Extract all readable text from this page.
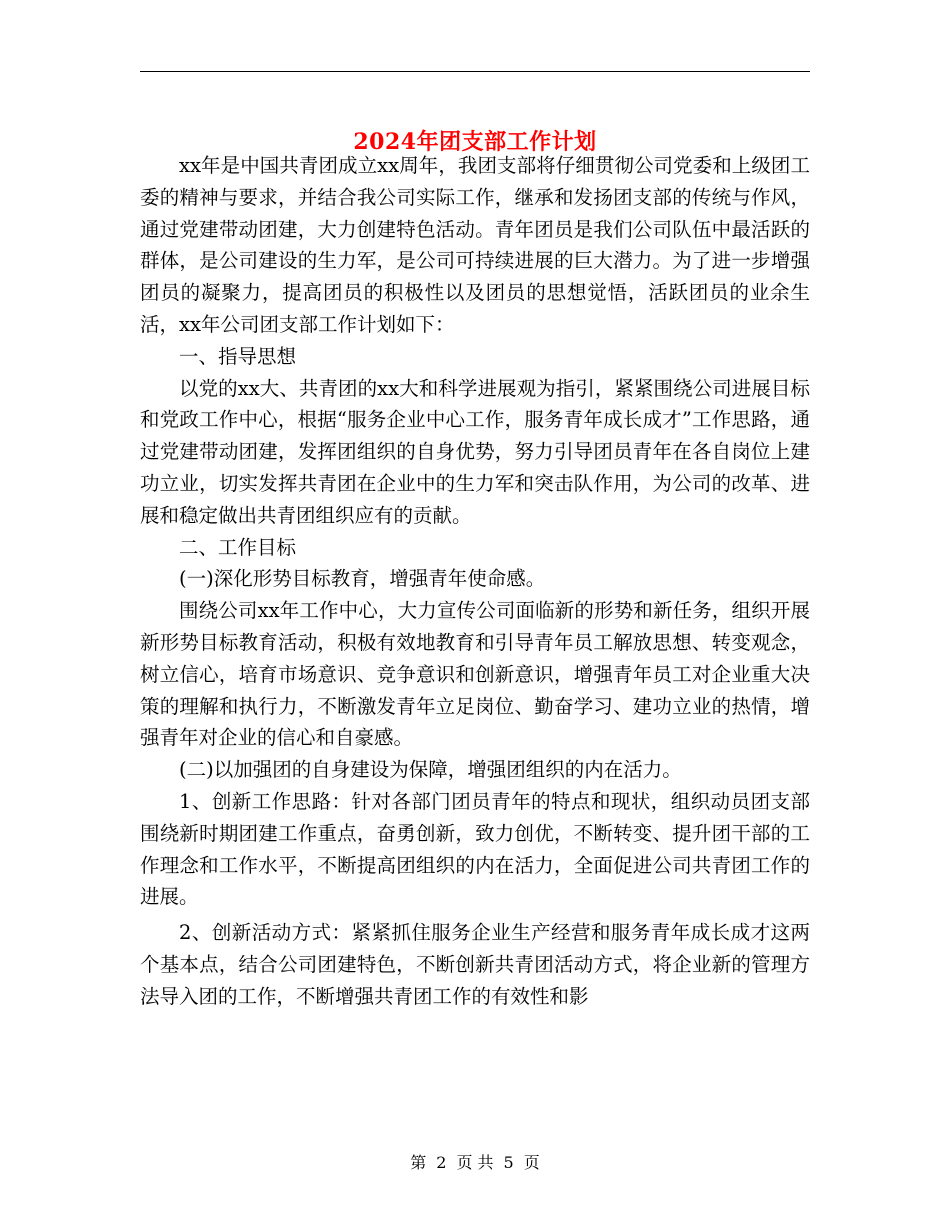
2024年团支部工作计划

xx年是中国共青团成立xx周年，我团支部将仔细贯彻公司党委和上级团工委的精神与要求，并结合我公司实际工作，继承和发扬团支部的传统与作风，通过党建带动团建，大力创建特色活动。青年团员是我们公司队伍中最活跃的群体，是公司建设的生力军，是公司可持续进展的巨大潜力。为了进一步增强团员的凝聚力，提高团员的积极性以及团员的思想觉悟，活跃团员的业余生活，xx年公司团支部工作计划如下：

一、指导思想

以党的xx大、共青团的xx大和科学进展观为指引，紧紧围绕公司进展目标和党政工作中心，根据“服务企业中心工作，服务青年成长成才”工作思路，通过党建带动团建，发挥团组织的自身优势，努力引导团员青年在各自岗位上建功立业，切实发挥共青团在企业中的生力军和突击队作用，为公司的改革、进展和稳定做出共青团组织应有的贡献。

二、工作目标

(一)深化形势目标教育，增强青年使命感。

围绕公司xx年工作中心，大力宣传公司面临新的形势和新任务，组织开展新形势目标教育活动，积极有效地教育和引导青年员工解放思想、转变观念，树立信心，培育市场意识、竞争意识和创新意识，增强青年员工对企业重大决策的理解和执行力，不断激发青年立足岗位、勤奋学习、建功立业的热情，增强青年对企业的信心和自豪感。

(二)以加强团的自身建设为保障，增强团组织的内在活力。

1、创新工作思路：针对各部门团员青年的特点和现状，组织动员团支部围绕新时期团建工作重点，奋勇创新，致力创优，不断转变、提升团干部的工作理念和工作水平，不断提高团组织的内在活力，全面促进公司共青团工作的进展。

2、创新活动方式：紧紧抓住服务企业生产经营和服务青年成长成才这两个基本点，结合公司团建特色，不断创新共青团活动方式，将企业新的管理方法导入团的工作，不断增强共青团工作的有效性和影

第 2 页 共 5 页
